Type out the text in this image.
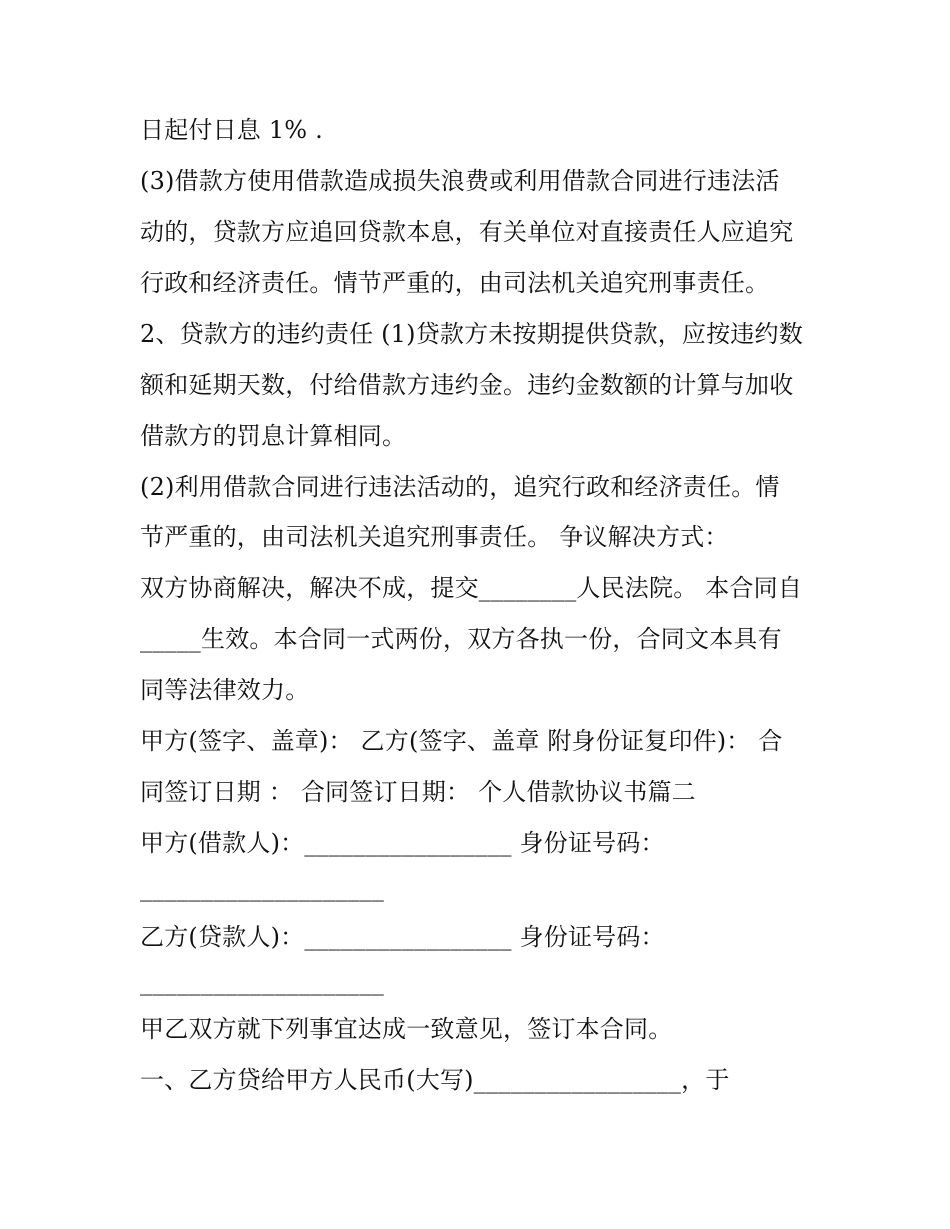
日起付日息 1% .
(3)借款方使用借款造成损失浪费或利用借款合同进行违法活
动的，贷款方应追回贷款本息，有关单位对直接责任人应追究
行政和经济责任。情节严重的，由司法机关追究刑事责任。
2、贷款方的违约责任 (1)贷款方未按期提供贷款，应按违约数
额和延期天数，付给借款方违约金。违约金数额的计算与加收
借款方的罚息计算相同。
(2)利用借款合同进行违法活动的，追究行政和经济责任。情
节严重的，由司法机关追究刑事责任。 争议解决方式：
双方协商解决，解决不成，提交________人民法院。 本合同自
_____生效。本合同一式两份，双方各执一份，合同文本具有
同等法律效力。
甲方(签字、盖章)： 乙方(签字、盖章 附身份证复印件)： 合
同签订日期 ： 合同签订日期： 个人借款协议书篇二
甲方(借款人)：_________________ 身份证号码：
____________________
乙方(贷款人)：_________________ 身份证号码：
____________________
甲乙双方就下列事宜达成一致意见，签订本合同。
一、乙方贷给甲方人民币(大写)_________________，于
